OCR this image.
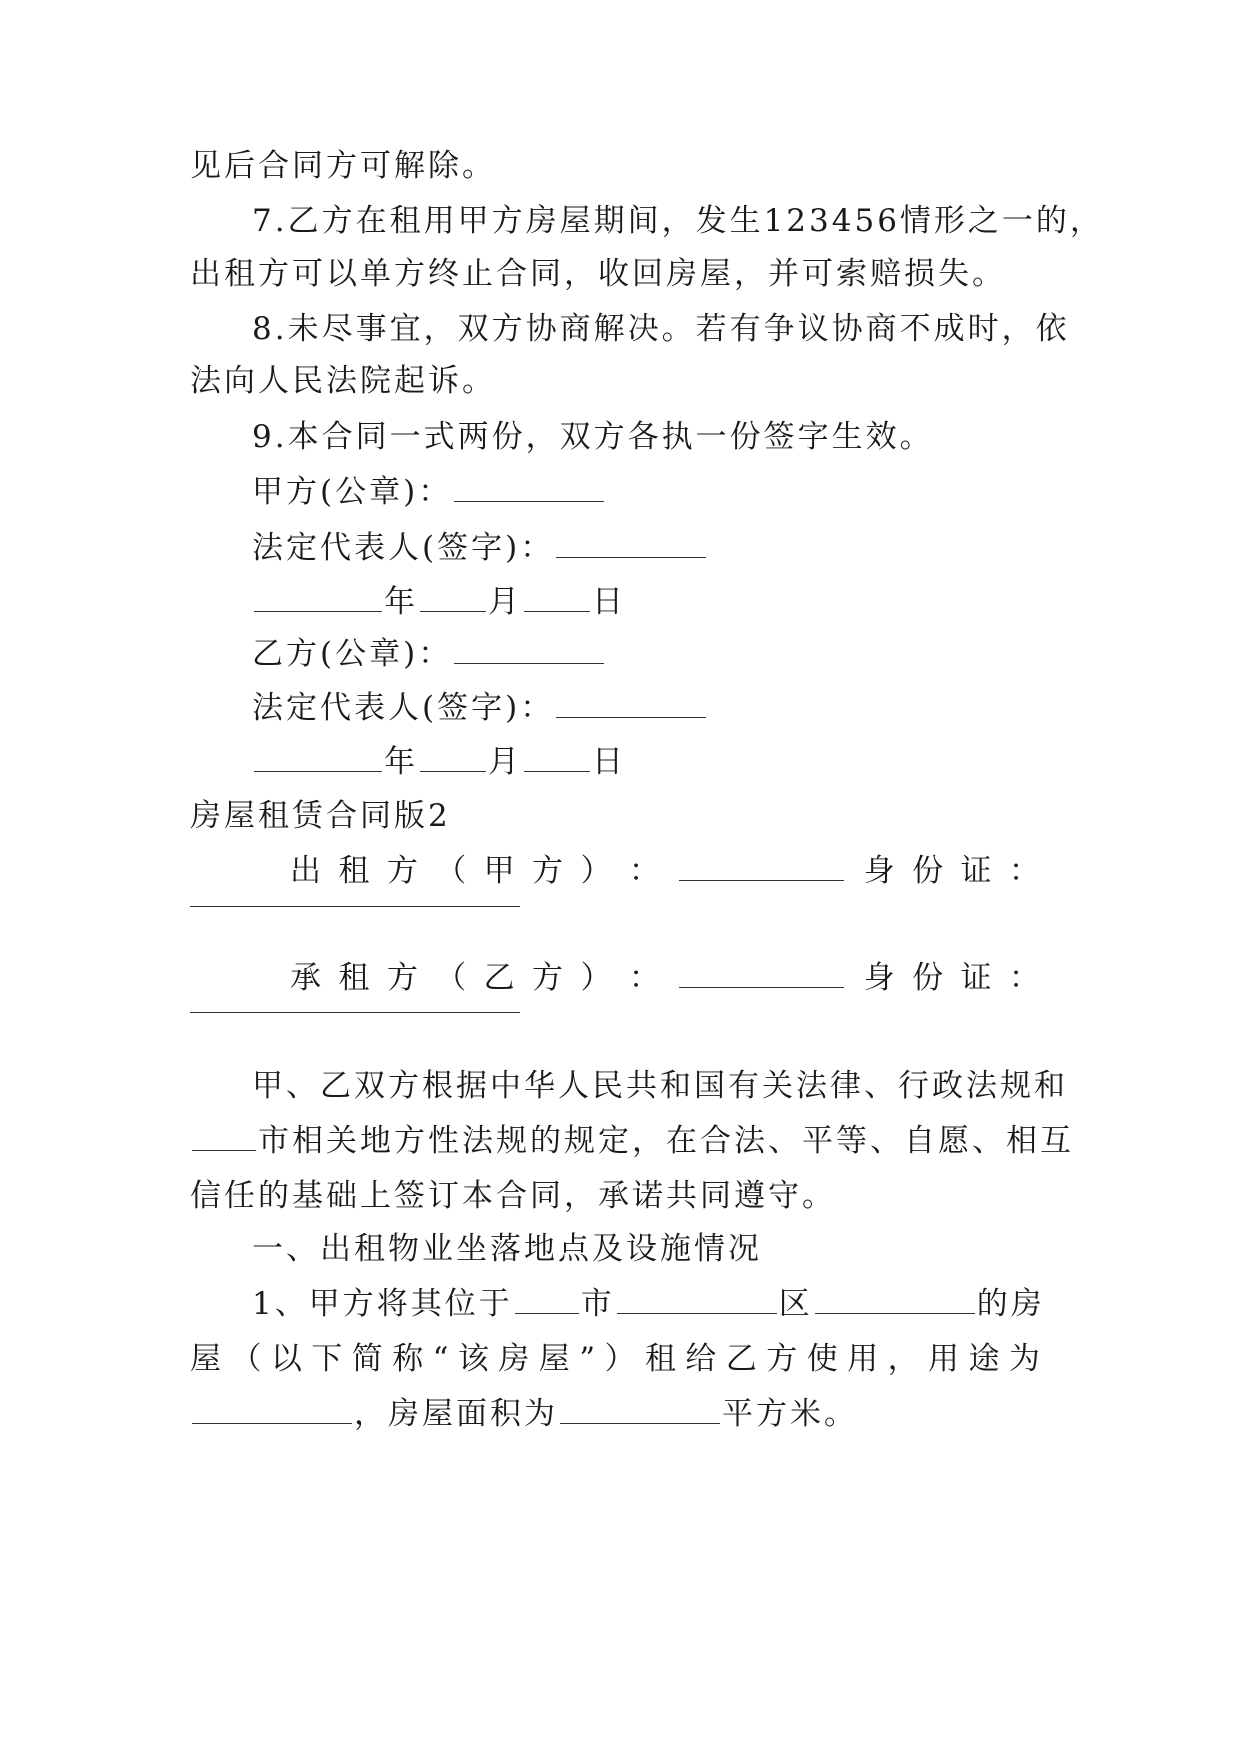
见后合同方可解除。
7.乙方在租用甲方房屋期间，发生123456情形之一的，
出租方可以单方终止合同，收回房屋，并可索赔损失。
8.未尽事宜，双方协商解决。若有争议协商不成时，依
法向人民法院起诉。
9.本合同一式两份，双方各执一份签字生效。
甲方(公章)：
法定代表人(签字)：
年 月 日
乙方(公章)：
法定代表人(签字)：
年 月 日
房屋租赁合同版2
出 租 方 （ 甲 方 ） ：	身 份 证 ：
承 租 方 （ 乙 方 ） ：	身 份 证 ：
甲、乙双方根据中华人民共和国有关法律、行政法规和
市相关地方性法规的规定，在合法、平等、自愿、相互
信任的基础上签订本合同，承诺共同遵守。
一、出租物业坐落地点及设施情况
1、甲方将其位于 市	区	的房
屋 （ 以 下 简 称 “ 该 房 屋 ” ） 租 给 乙 方 使 用 ， 用 途 为
，房屋面积为	平方米。
